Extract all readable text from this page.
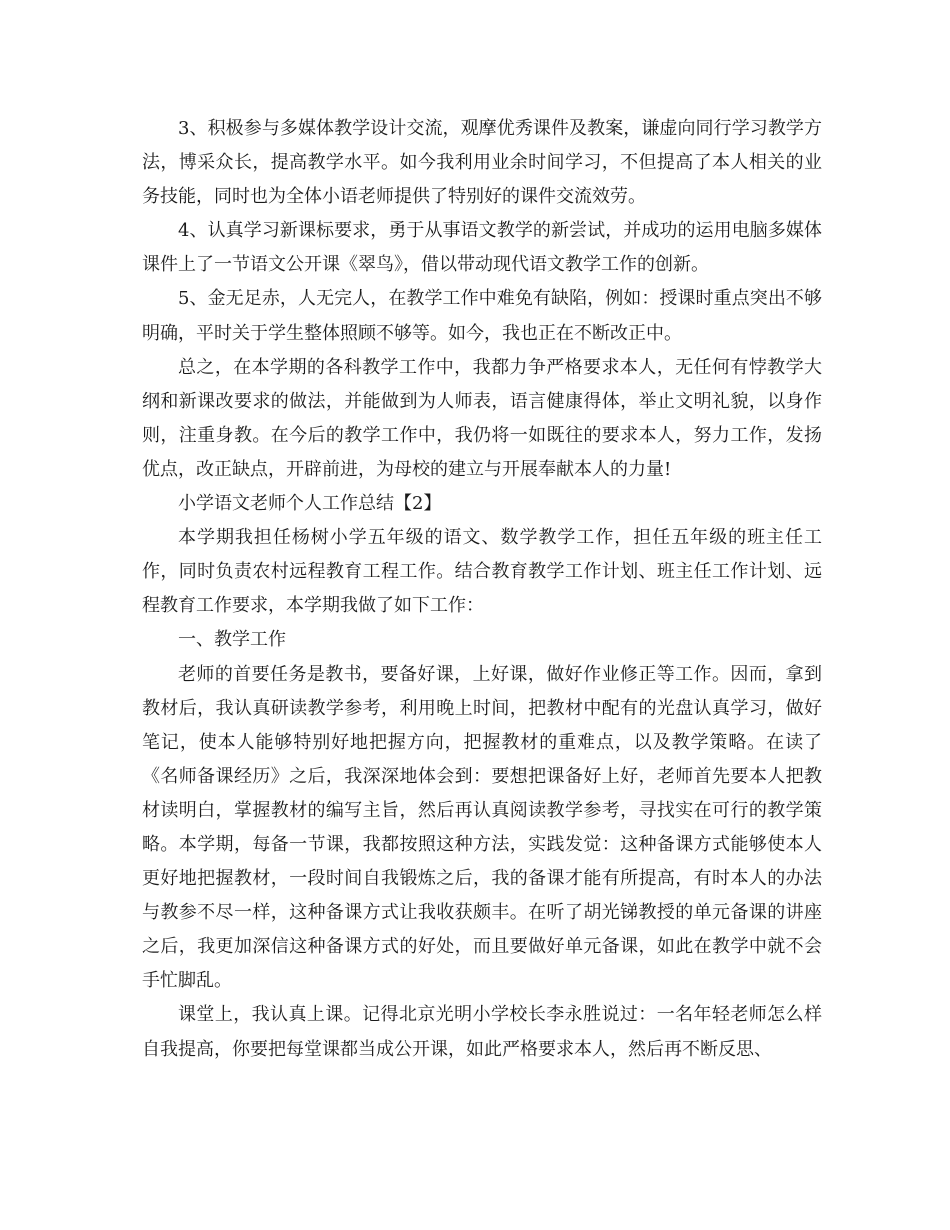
3、积极参与多媒体教学设计交流，观摩优秀课件及教案，谦虚向同行学习教学方法，博采众长，提高教学水平。如今我利用业余时间学习，不但提高了本人相关的业务技能，同时也为全体小语老师提供了特别好的课件交流效劳。

4、认真学习新课标要求，勇于从事语文教学的新尝试，并成功的运用电脑多媒体课件上了一节语文公开课《翠鸟》，借以带动现代语文教学工作的创新。

5、金无足赤，人无完人，在教学工作中难免有缺陷，例如：授课时重点突出不够明确，平时关于学生整体照顾不够等。如今，我也正在不断改正中。

总之，在本学期的各科教学工作中，我都力争严格要求本人，无任何有悖教学大纲和新课改要求的做法，并能做到为人师表，语言健康得体，举止文明礼貌，以身作则，注重身教。在今后的教学工作中，我仍将一如既往的要求本人，努力工作，发扬优点，改正缺点，开辟前进，为母校的建立与开展奉献本人的力量!

小学语文老师个人工作总结【2】

本学期我担任杨树小学五年级的语文、数学教学工作，担任五年级的班主任工作，同时负责农村远程教育工程工作。结合教育教学工作计划、班主任工作计划、远程教育工作要求，本学期我做了如下工作：

一、教学工作

老师的首要任务是教书，要备好课，上好课，做好作业修正等工作。因而，拿到教材后，我认真研读教学参考，利用晚上时间，把教材中配有的光盘认真学习，做好笔记，使本人能够特别好地把握方向，把握教材的重难点，以及教学策略。在读了《名师备课经历》之后，我深深地体会到：要想把课备好上好，老师首先要本人把教材读明白，掌握教材的编写主旨，然后再认真阅读教学参考，寻找实在可行的教学策略。本学期，每备一节课，我都按照这种方法，实践发觉：这种备课方式能够使本人更好地把握教材，一段时间自我锻炼之后，我的备课才能有所提高，有时本人的办法与教参不尽一样，这种备课方式让我收获颇丰。在听了胡光锑教授的单元备课的讲座之后，我更加深信这种备课方式的好处，而且要做好单元备课，如此在教学中就不会手忙脚乱。

课堂上，我认真上课。记得北京光明小学校长李永胜说过：一名年轻老师怎么样自我提高，你要把每堂课都当成公开课，如此严格要求本人，然后再不断反思、
